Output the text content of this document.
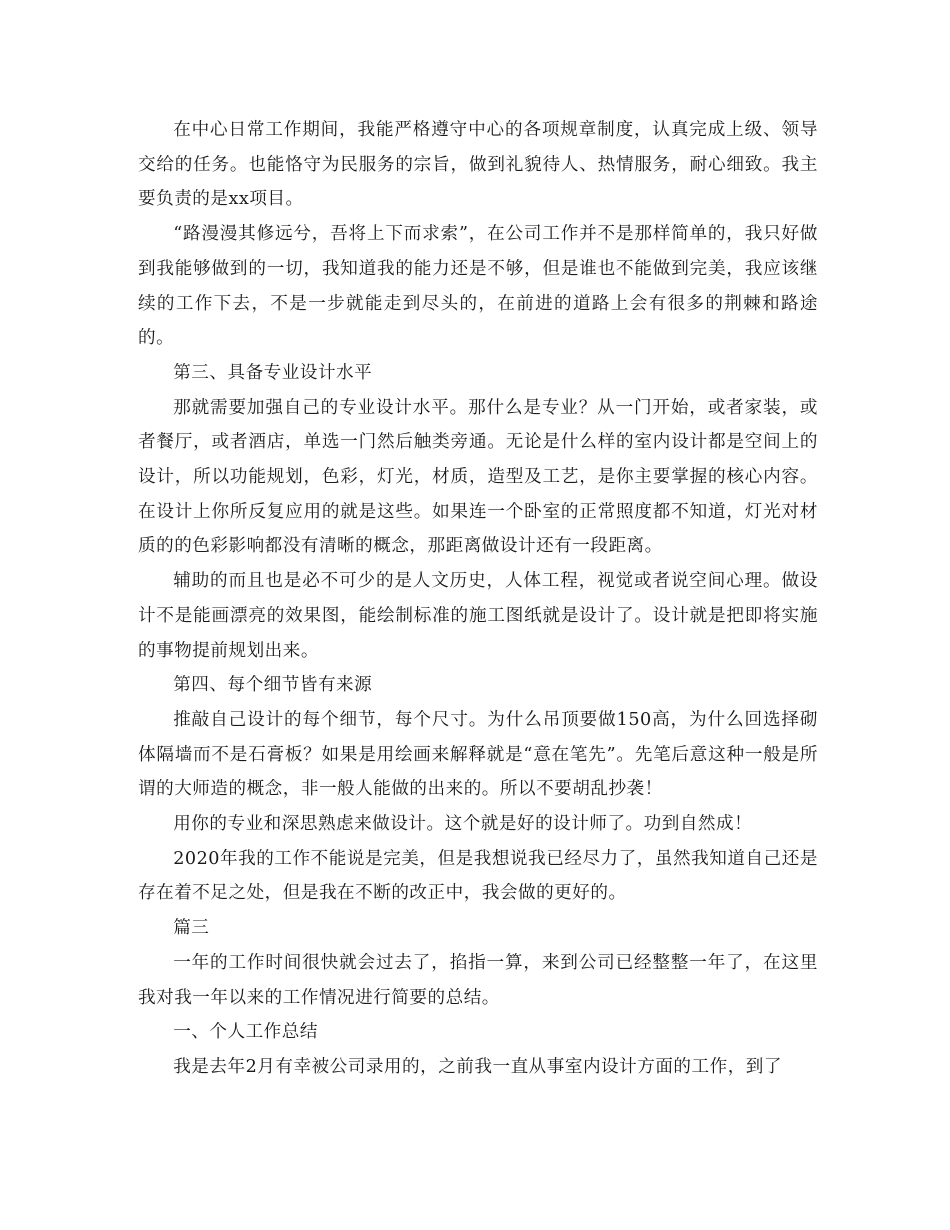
在中心日常工作期间，我能严格遵守中心的各项规章制度，认真完成上级、领导交给的任务。也能恪守为民服务的宗旨，做到礼貌待人、热情服务，耐心细致。我主要负责的是xx项目。

“路漫漫其修远兮，吾将上下而求索”，在公司工作并不是那样简单的，我只好做到我能够做到的一切，我知道我的能力还是不够，但是谁也不能做到完美，我应该继续的工作下去，不是一步就能走到尽头的，在前进的道路上会有很多的荆棘和路途的。

第三、具备专业设计水平

那就需要加强自己的专业设计水平。那什么是专业？从一门开始，或者家装，或者餐厅，或者酒店，单选一门然后触类旁通。无论是什么样的室内设计都是空间上的设计，所以功能规划，色彩，灯光，材质，造型及工艺，是你主要掌握的核心内容。在设计上你所反复应用的就是这些。如果连一个卧室的正常照度都不知道，灯光对材质的的色彩影响都没有清晰的概念，那距离做设计还有一段距离。

辅助的而且也是必不可少的是人文历史，人体工程，视觉或者说空间心理。做设计不是能画漂亮的效果图，能绘制标准的施工图纸就是设计了。设计就是把即将实施的事物提前规划出来。

第四、每个细节皆有来源

推敲自己设计的每个细节，每个尺寸。为什么吊顶要做150高，为什么回选择砌体隔墙而不是石膏板？如果是用绘画来解释就是“意在笔先”。先笔后意这种一般是所谓的大师造的概念，非一般人能做的出来的。所以不要胡乱抄袭！

用你的专业和深思熟虑来做设计。这个就是好的设计师了。功到自然成！

2020年我的工作不能说是完美，但是我想说我已经尽力了，虽然我知道自己还是存在着不足之处，但是我在不断的改正中，我会做的更好的。

篇三

一年的工作时间很快就会过去了，掐指一算，来到公司已经整整一年了，在这里我对我一年以来的工作情况进行简要的总结。

一、个人工作总结

我是去年2月有幸被公司录用的，之前我一直从事室内设计方面的工作，到了
